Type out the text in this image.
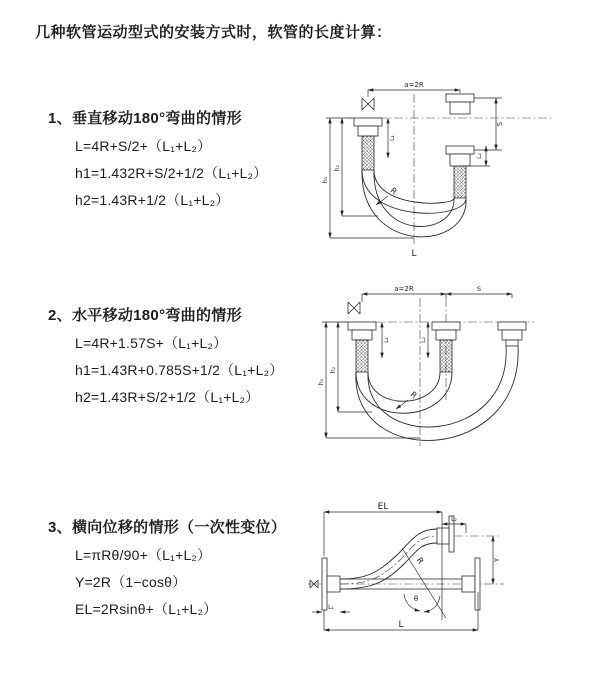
几种软管运动型式的安装方式时，软管的长度计算：
1、垂直移动180°弯曲的情形

L=4R+S/2+（L₁+L₂）

h1=1.432R+S/2+1/2（L₁+L₂）

h2=1.43R+1/2（L₁+L₂）

a=2R
S
L₂
L₁
h₁
h₂
R
L
2、水平移动180°弯曲的情形

L=4R+1.57S+（L₁+L₂）

h1=1.43R+0.785S+1/2（L₁+L₂）

h2=1.43R+S/2+1/2（L₁+L₂）

a=2R	S
L₁	L₂
h₁
h₂
R
3、横向位移的情形（一次性变位）

L=πRθ/90+（L₁+L₂）

Y=2R（1−cosθ）

EL=2Rsinθ+（L₁+L₂）

EL
L₂
Y
L
L₁
θ
R
